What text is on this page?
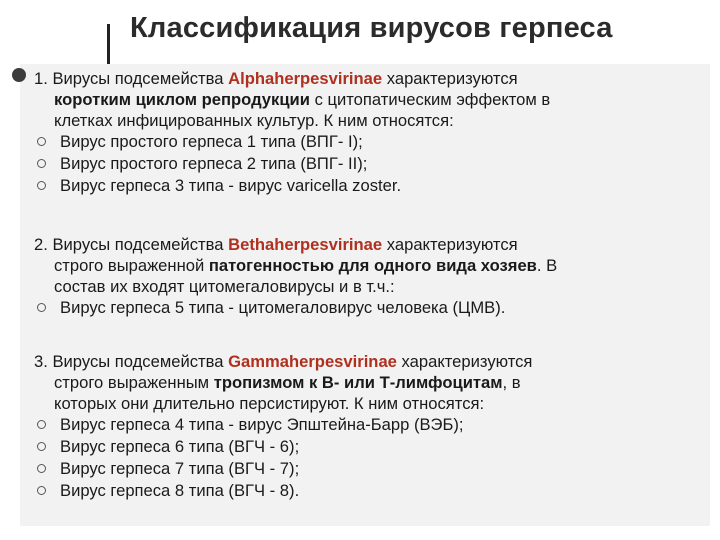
Классификация вирусов герпеса

1. Вирусы подсемейства Alphaherpesvirinae характеризуются

коротким циклом репродукции с цитопатическим эффектом в

клетках инфицированных культур. К ним относятся:

Вирус простого герпеса 1 типа (ВПГ- I);
Вирус простого герпеса 2 типа (ВПГ- II);
Вирус герпеса 3 типа - вирус varicella zoster.

2. Вирусы подсемейства Bethaherpesvirinae характеризуются

строго выраженной патогенностью для одного вида хозяев. В

состав их входят цитомегаловирусы и в т.ч.:

Вирус герпеса 5 типа - цитомегаловирус человека (ЦМВ).

3. Вирусы подсемейства Gammaherpesvirinae характеризуются

строго выраженным тропизмом к В- или Т-лимфоцитам, в

которых они длительно персистируют. К ним относятся:

Вирус герпеса 4 типа - вирус Эпштейна-Барр (ВЭБ);
Вирус герпеса 6 типа (ВГЧ - 6);
Вирус герпеса 7 типа (ВГЧ - 7);
Вирус герпеса 8 типа (ВГЧ - 8).
